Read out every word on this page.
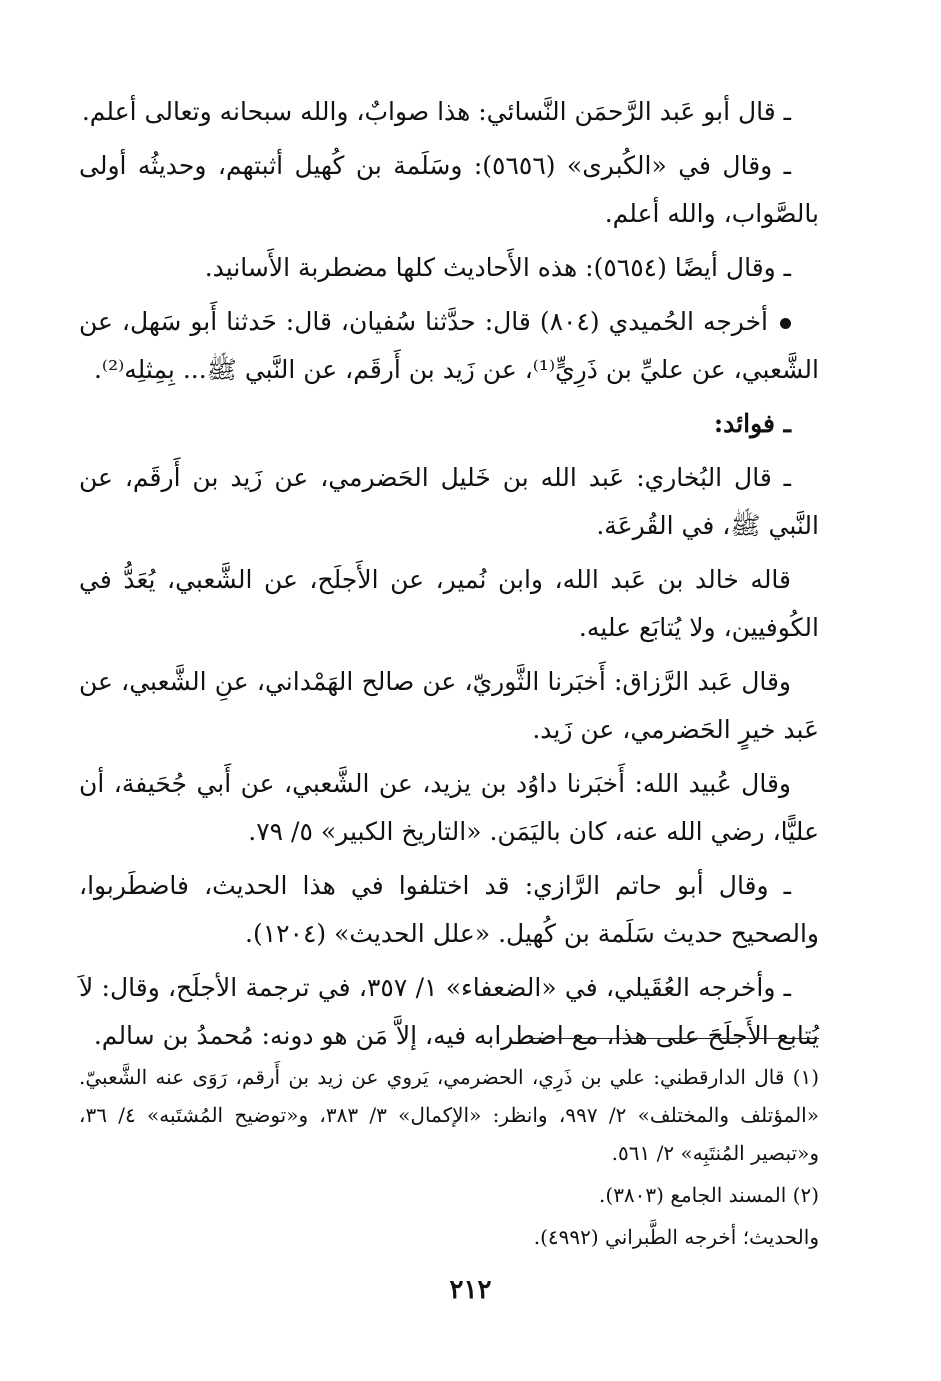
ـ قال أبو عَبد الرَّحمَن النَّسائي: هذا صوابٌ، والله سبحانه وتعالى أعلم.

ـ وقال في «الكُبرى» (٥٦٥٦): وسَلَمة بن كُهيل أثبتهم، وحديثُه أولى بالصَّواب، والله أعلم.

ـ وقال أيضًا (٥٦٥٤): هذه الأَحاديث كلها مضطربة الأَسانيد.

أخرجه الحُميدي (٨٠٤) قال: حدَّثنا سُفيان، قال: حَدثنا أَبو سَهل، عن الشَّعبي، عن عليِّ بن ذَرِيٍّ⁽¹⁾، عن زَيد بن أَرقَم، عن النَّبي ﷺ... بِمِثلِه⁽²⁾.

ـ فوائد:

ـ قال البُخاري: عَبد الله بن خَليل الحَضرمي، عن زَيد بن أَرقَم، عن النَّبي ﷺ، في القُرعَة.

قاله خالد بن عَبد الله، وابن نُمير، عن الأَجلَح، عن الشَّعبي، يُعَدُّ في الكُوفيين، ولا يُتابَع عليه.

وقال عَبد الرَّزاق: أَخبَرنا الثَّوريّ، عن صالح الهَمْداني، عنِ الشَّعبي، عن عَبد خيرٍ الحَضرمي، عن زَيد.

وقال عُبيد الله: أَخبَرنا داوُد بن يزيد، عن الشَّعبي، عن أَبي جُحَيفة، أن عليًّا، رضي الله عنه، كان باليَمَن. «التاريخ الكبير» ٥/ ٧٩.

ـ وقال أبو حاتم الرَّازي: قد اختلفوا في هذا الحديث، فاضطَربوا، والصحيح حديث سَلَمة بن كُهيل. «علل الحديث» (١٢٠٤).

ـ وأخرجه العُقَيلي، في «الضعفاء» ١/ ٣٥٧، في ترجمة الأجلَح، وقال: لاَ يُتابع الأَجلَحَ على هذا، مع اضطرابه فيه، إلاَّ مَن هو دونه: مُحمدُ بن سالم.

(١) قال الدارقطني: علي بن ذَرِي، الحضرمي، يَروي عن زيد بن أَرقم، رَوَى عنه الشَّعبيّ. «المؤتلف والمختلف» ٢/ ٩٩٧، وانظر: «الإكمال» ٣/ ٣٨٣، و«توضيح المُشتَبه» ٤/ ٣٦، و«تبصير المُنتَبِه» ٢/ ٥٦١.

(٢) المسند الجامع (٣٨٠٣).

والحديث؛ أخرجه الطَّبراني (٤٩٩٢).

٢١٢
